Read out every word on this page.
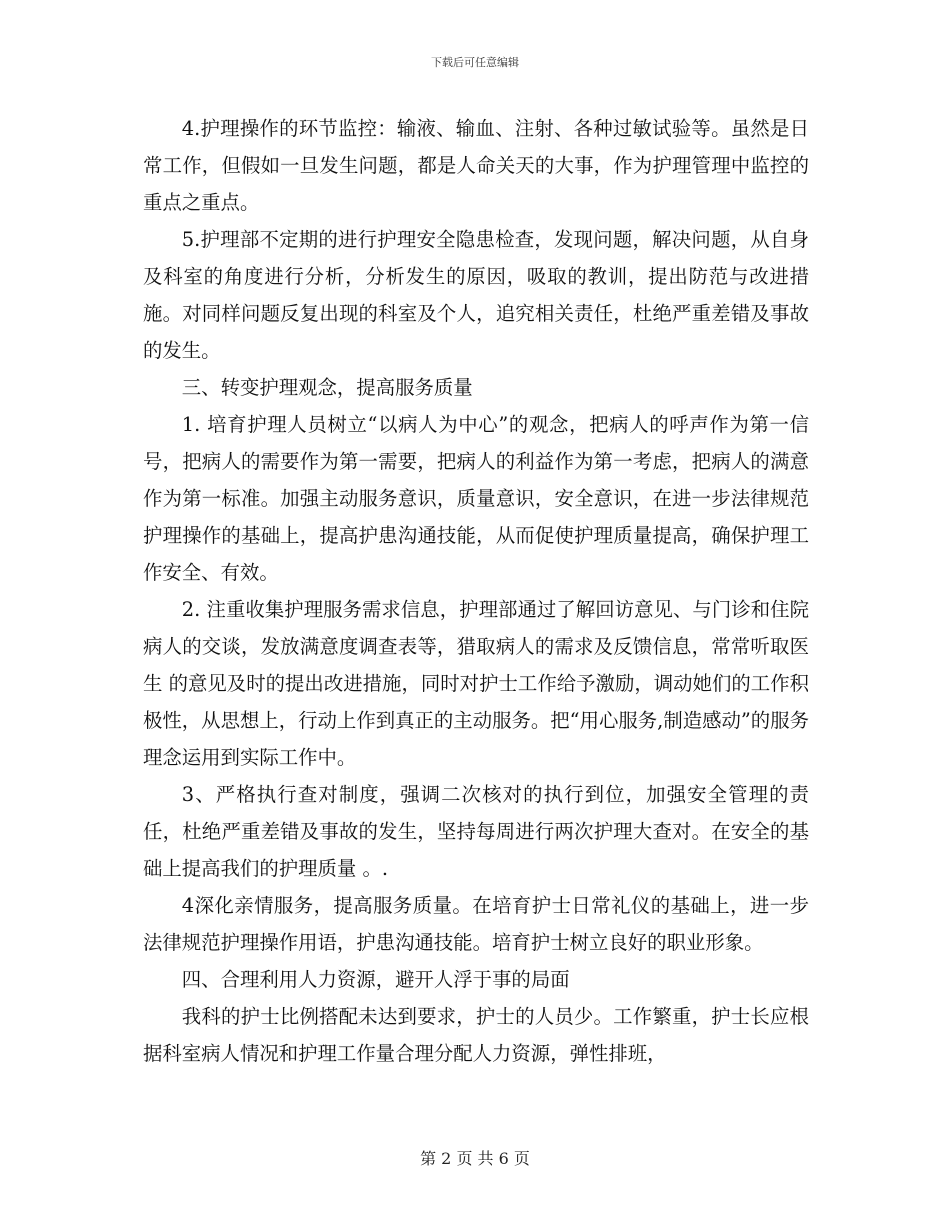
下载后可任意编辑

4.护理操作的环节监控：输液、输血、注射、各种过敏试验等。虽然是日常工作，但假如一旦发生问题，都是人命关天的大事，作为护理管理中监控的重点之重点。

5.护理部不定期的进行护理安全隐患检查，发现问题，解决问题，从自身及科室的角度进行分析，分析发生的原因，吸取的教训，提出防范与改进措施。对同样问题反复出现的科室及个人，追究相关责任，杜绝严重差错及事故的发生。

三、转变护理观念，提高服务质量

1. 培育护理人员树立“以病人为中心”的观念，把病人的呼声作为第一信号，把病人的需要作为第一需要，把病人的利益作为第一考虑，把病人的满意作为第一标准。加强主动服务意识，质量意识，安全意识，在进一步法律规范护理操作的基础上，提高护患沟通技能，从而促使护理质量提高，确保护理工作安全、有效。

2. 注重收集护理服务需求信息，护理部通过了解回访意见、与门诊和住院病人的交谈，发放满意度调查表等，猎取病人的需求及反馈信息，常常听取医生 的意见及时的提出改进措施，同时对护士工作给予激励，调动她们的工作积极性，从思想上，行动上作到真正的主动服务。把“用心服务,制造感动”的服务理念运用到实际工作中。

3、严格执行查对制度，强调二次核对的执行到位，加强安全管理的责任，杜绝严重差错及事故的发生，坚持每周进行两次护理大查对。在安全的基础上提高我们的护理质量 。.

4深化亲情服务，提高服务质量。在培育护士日常礼仪的基础上，进一步法律规范护理操作用语，护患沟通技能。培育护士树立良好的职业形象。

四、合理利用人力资源，避开人浮于事的局面

我科的护士比例搭配未达到要求，护士的人员少。工作繁重，护士长应根据科室病人情况和护理工作量合理分配人力资源，弹性排班，

第 2 页 共 6 页
